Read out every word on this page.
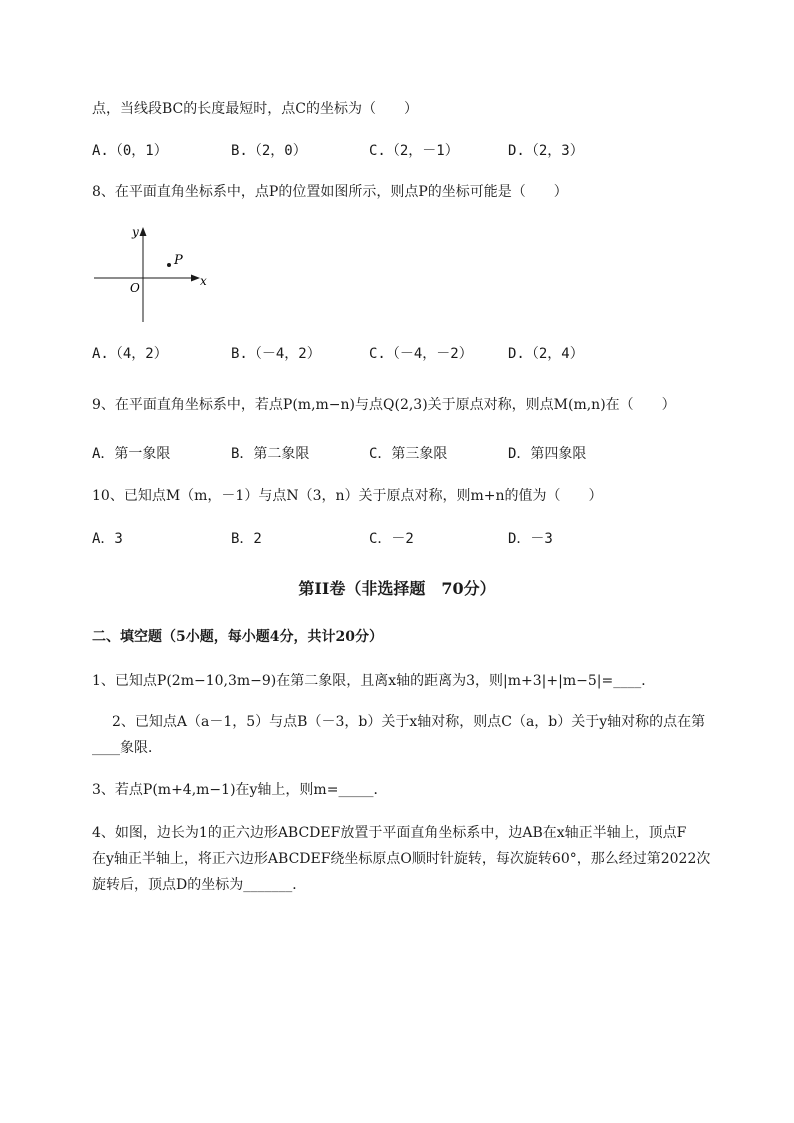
点，当线段BC的长度最短时，点C的坐标为（　　）
A.（0，1）	B.（2，0）	C.（2，－1）	D.（2，3）
8、在平面直角坐标系中，点P的位置如图所示，则点P的坐标可能是（　　）
y
x
O
P
A.（4，2）	B.（－4，2）	C.（－4，－2）	D.（2，4）
9、在平面直角坐标系中，若点P(m,m−n)与点Q(2,3)关于原点对称，则点M(m,n)在（　　）
A．第一象限	B．第二象限	C．第三象限	D．第四象限
10、已知点M（m，－1）与点N（3，n）关于原点对称，则m+n的值为（　　）
A．3	B．2	C．－2	D．－3
第II卷（非选择题　70分）
二、填空题（5小题，每小题4分，共计20分）
1、已知点P(2m−10,3m−9)在第二象限，且离x轴的距离为3，则|m+3|+|m−5|=____．
2、已知点A（a－1，5）与点B（－3，b）关于x轴对称，则点C（a，b）关于y轴对称的点在第
____象限．
3、若点P(m+4,m−1)在y轴上，则m=_____．
4、如图，边长为1的正六边形ABCDEF放置于平面直角坐标系中，边AB在x轴正半轴上，顶点F
在y轴正半轴上，将正六边形ABCDEF绕坐标原点O顺时针旋转，每次旋转60°，那么经过第2022次
旋转后，顶点D的坐标为_______．
